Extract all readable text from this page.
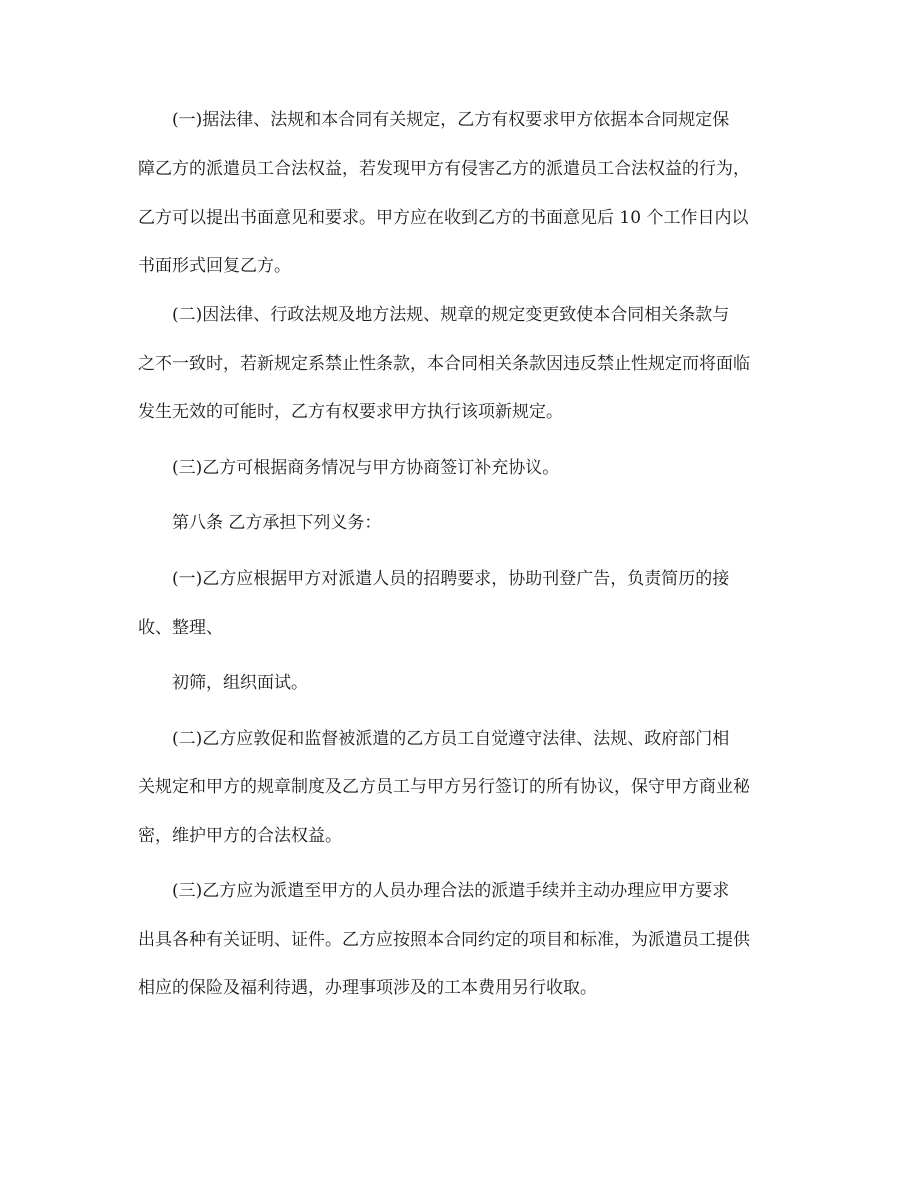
(一)据法律、法规和本合同有关规定，乙方有权要求甲方依据本合同规定保
障乙方的派遣员工合法权益，若发现甲方有侵害乙方的派遣员工合法权益的行为，
乙方可以提出书面意见和要求。甲方应在收到乙方的书面意见后 10 个工作日内以
书面形式回复乙方。
(二)因法律、行政法规及地方法规、规章的规定变更致使本合同相关条款与
之不一致时，若新规定系禁止性条款，本合同相关条款因违反禁止性规定而将面临
发生无效的可能时，乙方有权要求甲方执行该项新规定。
(三)乙方可根据商务情况与甲方协商签订补充协议。
第八条 乙方承担下列义务：
(一)乙方应根据甲方对派遣人员的招聘要求，协助刊登广告，负责简历的接
收、整理、
初筛，组织面试。
(二)乙方应敦促和监督被派遣的乙方员工自觉遵守法律、法规、政府部门相
关规定和甲方的规章制度及乙方员工与甲方另行签订的所有协议，保守甲方商业秘
密，维护甲方的合法权益。
(三)乙方应为派遣至甲方的人员办理合法的派遣手续并主动办理应甲方要求
出具各种有关证明、证件。乙方应按照本合同约定的项目和标准，为派遣员工提供
相应的保险及福利待遇，办理事项涉及的工本费用另行收取。
